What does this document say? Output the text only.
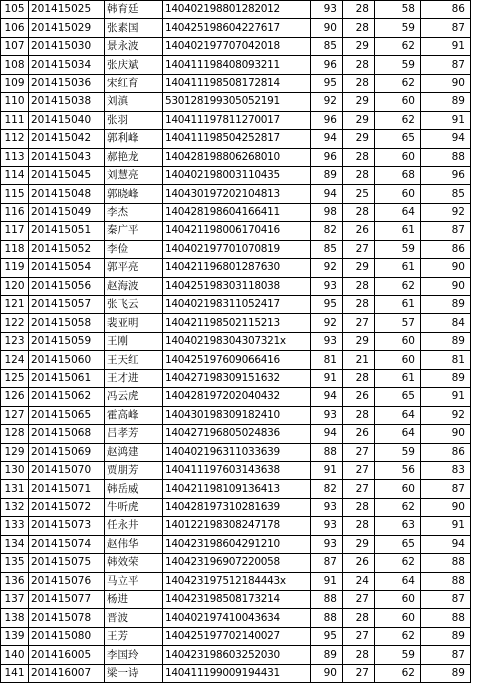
105	201415025	韩育廷	140402198801282012	93	28	58	86
106	201415029	张素国	140425198604227617	90	28	59	87
107	201415030	景永波	140402197707042018	85	29	62	91
108	201415034	张庆斌	140411198408093211	96	28	59	87
109	201415036	宋红育	140411198508172814	95	28	62	90
110	201415038	刘滇	530128199305052191	92	29	60	89
111	201415040	张羽	140411197811270017	96	29	62	91
112	201415042	郭利峰	140411198504252817	94	29	65	94
113	201415043	郝艳龙	140428198806268010	96	28	60	88
114	201415045	刘慧亮	140402198003110435	89	28	68	96
115	201415048	郭晓峰	140430197202104813	94	25	60	85
116	201415049	李杰	140428198604166411	98	28	64	92
117	201415051	秦广平	140421198006170416	82	26	61	87
118	201415052	李俭	140402197701070819	85	27	59	86
119	201415054	郭平亮	140421196801287630	92	29	61	90
120	201415056	赵海波	140425198303118038	93	28	62	90
121	201415057	张飞云	140402198311052417	95	28	61	89
122	201415058	裴亚明	140421198502115213	92	27	57	84
123	201415059	王刚	140402198304307321x	93	29	60	89
124	201415060	王天红	140425197609066416	81	21	60	81
125	201415061	王才进	140427198309151632	91	28	61	89
126	201415062	冯云虎	140428197202040432	94	26	65	91
127	201415065	霍高峰	140430198309182410	93	28	64	92
128	201415068	吕孝芳	140427196805024836	94	26	64	90
129	201415069	赵鸿建	140402196311033639	88	27	59	86
130	201415070	贾朋芳	140411197603143638	91	27	56	83
131	201415071	韩岳威	140421198109136413	82	27	60	87
132	201415072	牛听虎	140428197310281639	93	28	62	90
133	201415073	任永井	140122198308247178	93	28	63	91
134	201415074	赵伟华	140423198604291210	93	29	65	94
135	201415075	韩效荣	140423196907220058	87	26	62	88
136	201415076	马立平	140423197512184443x	91	24	64	88
137	201415077	杨进	140423198508173214	88	27	60	87
138	201415078	晋波	140402197410043634	88	28	60	88
139	201415080	王芳	140425197702140027	95	27	62	89
140	201416005	李国玲	140423198603252030	89	28	59	87
141	201416007	梁一诗	140411199009194431	90	27	62	89
